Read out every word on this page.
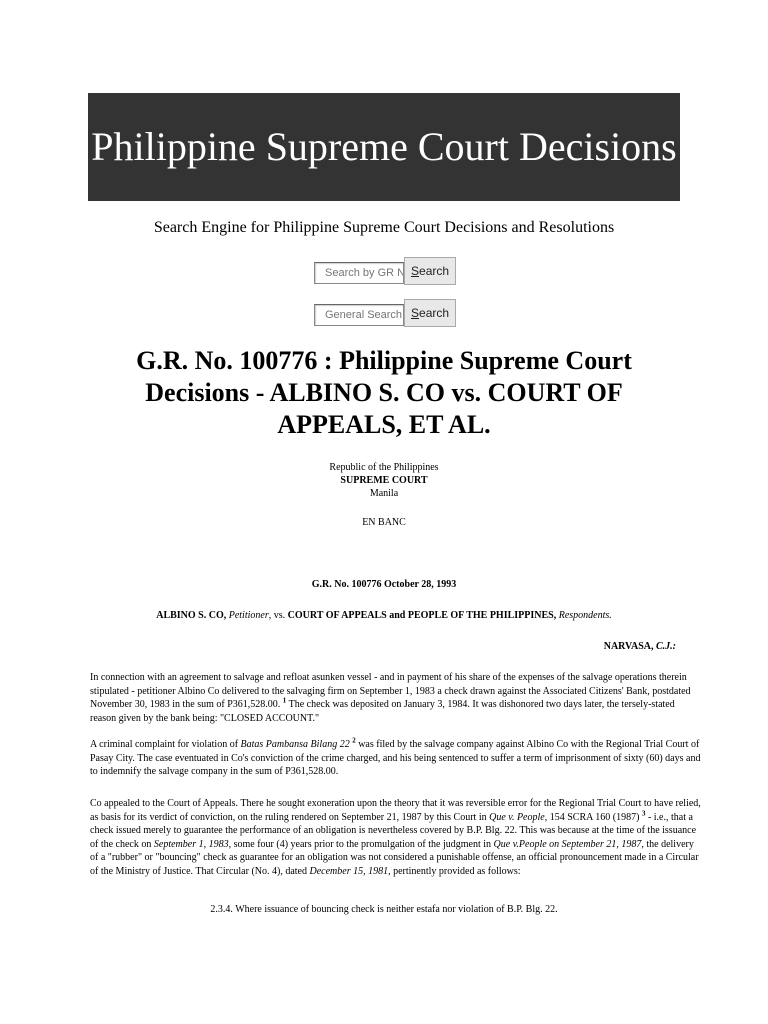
Philippine Supreme Court Decisions
Search Engine for Philippine Supreme Court Decisions and Resolutions
Search by GR Nu
Search
General Search
Search
G.R. No. 100776 : Philippine Supreme Court Decisions - ALBINO S. CO vs. COURT OF APPEALS, ET AL.
Republic of the Philippines
SUPREME COURT
Manila
EN BANC
G.R. No. 100776 October 28, 1993
ALBINO S. CO, Petitioner, vs. COURT OF APPEALS and PEOPLE OF THE PHILIPPINES, Respondents.
NARVASA, C.J.:
In connection with an agreement to salvage and refloat asunken vessel - and in payment of his share of the expenses of the salvage operations therein stipulated - petitioner Albino Co delivered to the salvaging firm on September 1, 1983 a check drawn against the Associated Citizens' Bank, postdated November 30, 1983 in the sum of P361,528.00. $^1$ The check was deposited on January 3, 1984. It was dishonored two days later, the tersely-stated reason given by the bank being: "CLOSED ACCOUNT."
A criminal complaint for violation of Batas Pambansa Bilang 22 $^2$ was filed by the salvage company against Albino Co with the Regional Trial Court of Pasay City. The case eventuated in Co's conviction of the crime charged, and his being sentenced to suffer a term of imprisonment of sixty (60) days and to indemnify the salvage company in the sum of P361,528.00.
Co appealed to the Court of Appeals. There he sought exoneration upon the theory that it was reversible error for the Regional Trial Court to have relied, as basis for its verdict of conviction, on the ruling rendered on September 21, 1987 by this Court in Que v. People, 154 SCRA 160 (1987) $^3$ - i.e., that a check issued merely to guarantee the performance of an obligation is nevertheless covered by B.P. Blg. 22. This was because at the time of the issuance of the check on September 1, 1983, some four (4) years prior to the promulgation of the judgment in Que v.People on September 21, 1987, the delivery of a "rubber" or "bouncing" check as guarantee for an obligation was not considered a punishable offense, an official pronouncement made in a Circular of the Ministry of Justice. That Circular (No. 4), dated December 15, 1981, pertinently provided as follows:
2.3.4. Where issuance of bouncing check is neither estafa nor violation of B.P. Blg. 22.
